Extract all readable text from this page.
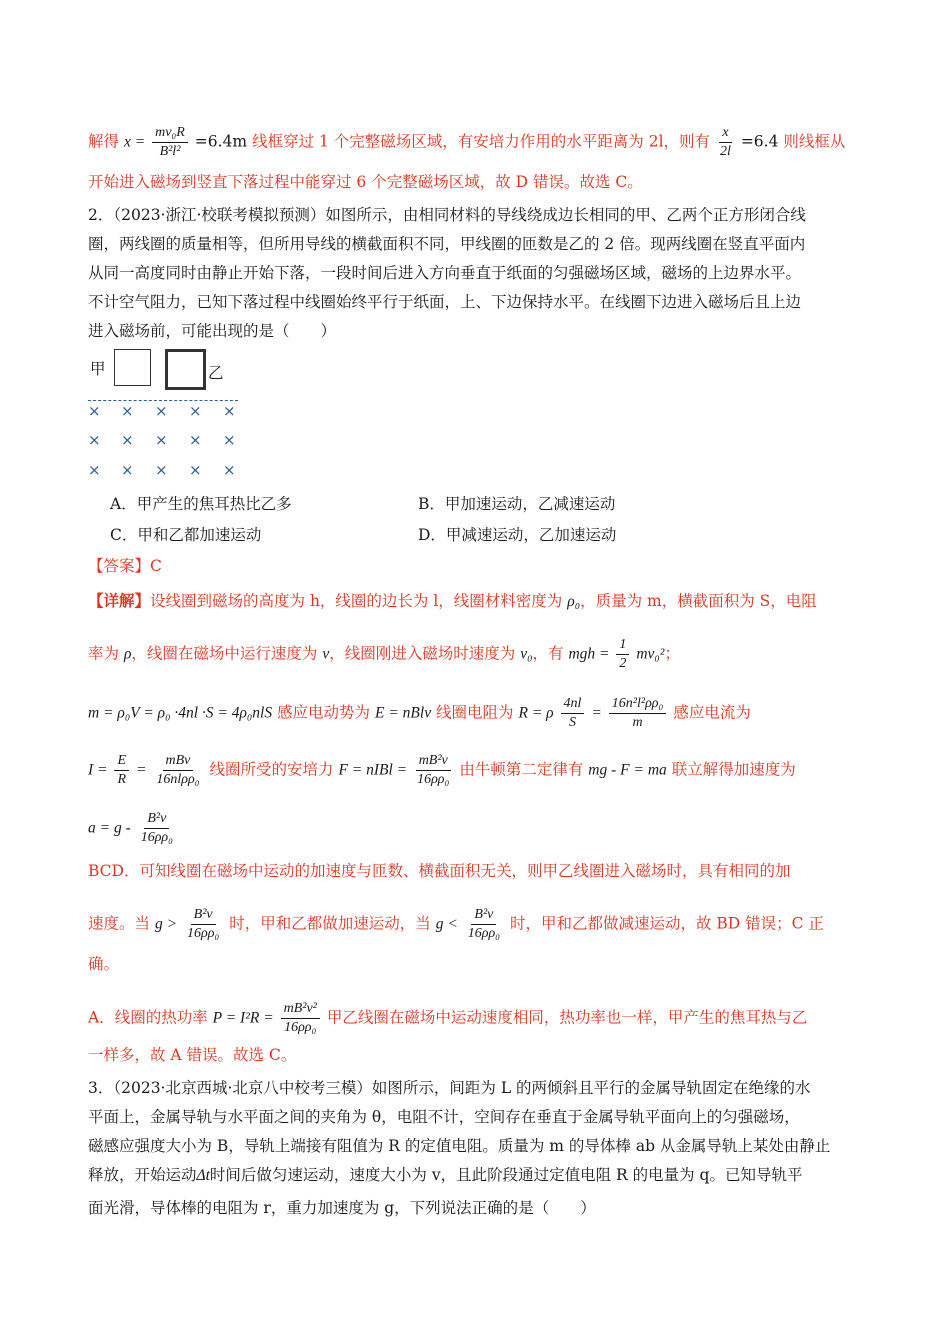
解得 $x = \frac{\text{mv₀R}}{\text{B²l²}} =6.4m$ 线框穿过 1 个完整磁场区域，有安培力作用的水平距离为 2l，则有 $\frac{x}{2l} =6.4$ 则线框从
开始进入磁场到竖直下落过程中能穿过 6 个完整磁场区域，故 D 错误。故选 C。
2．（2023·浙江·校联考模拟预测）如图所示，由相同材料的导线绕成边长相同的甲、乙两个正方形闭合线
圈，两线圈的质量相等，但所用导线的横截面积不同，甲线圈的匝数是乙的 2 倍。现两线圈在竖直平面内
从同一高度同时由静止开始下落，一段时间后进入方向垂直于纸面的匀强磁场区域，磁场的上边界水平。
不计空气阻力，已知下落过程中线圈始终平行于纸面，上、下边保持水平。在线圈下边进入磁场后且上边
进入磁场前，可能出现的是（　　）
甲	乙
× × × × ×
× × × × ×
× × × × ×
A．甲产生的焦耳热比乙多	B．甲加速运动，乙减速运动
C．甲和乙都加速运动	D．甲减速运动，乙加速运动
【答案】C
【详解】设线圈到磁场的高度为 h，线圈的边长为 l，线圈材料密度为 ρ₀，质量为 m，横截面积为 S，电阻
率为 ρ，线圈在磁场中运行速度为 v，线圈刚进入磁场时速度为 v₀，有 mgh = $\frac{1}{2} mv_0^2$；
m = ρ₀V = ρ₀ ·4nl ·S = 4ρ₀nlS 感应电动势为 E = nBlv 线圈电阻为 R = ρ $\frac{4nl}{S} = \frac{\text{16n²l²ρρ₀}}{m}$ 感应电流为
$I = \frac{E}{R} = \frac{\text{mBv}}{\text{16nlρρ₀}}$ 线圈所受的安培力 F = nIBl = $\frac{\text{mB²v}}{\text{16ρρ₀}}$ 由牛顿第二定律有 mg - F = ma 联立解得加速度为
$a = g - \frac{\text{B²v}}{\text{16ρρ₀}}$
BCD．可知线圈在磁场中运动的加速度与匝数、横截面积无关，则甲乙线圈进入磁场时，具有相同的加
速度。当 $g > \frac{\text{B²v}}{\text{16ρρ₀}}$ 时，甲和乙都做加速运动，当 $g < \frac{\text{B²v}}{\text{16ρρ₀}}$ 时，甲和乙都做减速运动，故 BD 错误；C 正
确。
A．线圈的热功率 $P = I^2R = \frac{\text{mB²v²}}{\text{16ρρ₀}}$ 甲乙线圈在磁场中运动速度相同，热功率也一样，甲产生的焦耳热与乙
一样多，故 A 错误。故选 C。
3．（2023·北京西城·北京八中校考三模）如图所示，间距为 L 的两倾斜且平行的金属导轨固定在绝缘的水
平面上，金属导轨与水平面之间的夹角为 θ，电阻不计，空间存在垂直于金属导轨平面向上的匀强磁场，
磁感应强度大小为 B，导轨上端接有阻值为 R 的定值电阻。质量为 m 的导体棒 ab 从金属导轨上某处由静止
释放，开始运动Δt时间后做匀速运动，速度大小为 v，且此阶段通过定值电阻 R 的电量为 q。已知导轨平
面光滑，导体棒的电阻为 r，重力加速度为 g，下列说法正确的是（　　）
